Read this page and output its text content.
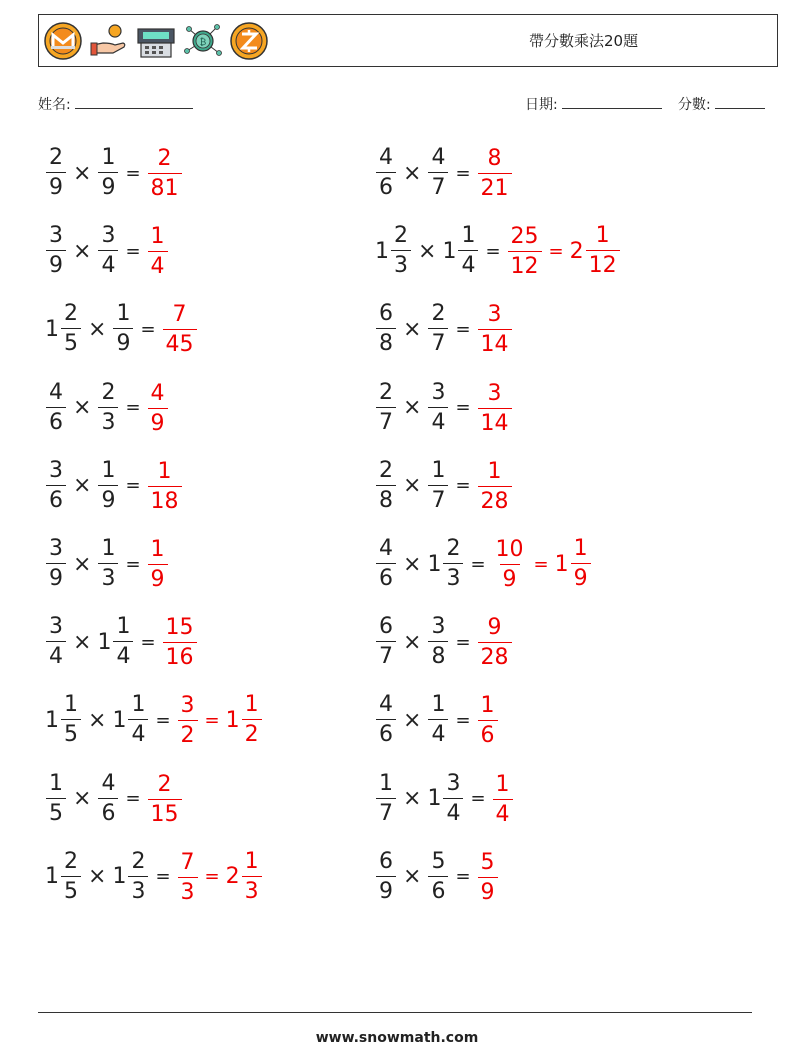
₿	帶分數乘法20題
姓名:	日期:	分數:
$\frac{2}{9} \times \frac{1}{9} = \frac{2}{81}$	$\frac{4}{6} \times \frac{4}{7} = \frac{8}{21}$
$\frac{3}{9} \times \frac{3}{4} = \frac{1}{4}$	$1 \frac{2}{3} \times 1 \frac{1}{4} = \frac{25}{12} = 2 \frac{1}{12}$
$1 \frac{2}{5} \times \frac{1}{9} = \frac{7}{45}$	$\frac{6}{8} \times \frac{2}{7} = \frac{3}{14}$
$\frac{4}{6} \times \frac{2}{3} = \frac{4}{9}$	$\frac{2}{7} \times \frac{3}{4} = \frac{3}{14}$
$\frac{3}{6} \times \frac{1}{9} = \frac{1}{18}$	$\frac{2}{8} \times \frac{1}{7} = \frac{1}{28}$
$\frac{3}{9} \times \frac{1}{3} = \frac{1}{9}$	$\frac{4}{6} \times 1 \frac{2}{3} = \frac{10}{9} = 1 \frac{1}{9}$
$\frac{3}{4} \times 1 \frac{1}{4} = \frac{15}{16}$	$\frac{6}{7} \times \frac{3}{8} = \frac{9}{28}$
$1 \frac{1}{5} \times 1 \frac{1}{4} = \frac{3}{2} = 1 \frac{1}{2}$	$\frac{4}{6} \times \frac{1}{4} = \frac{1}{6}$
$\frac{1}{5} \times \frac{4}{6} = \frac{2}{15}$	$\frac{1}{7} \times 1 \frac{3}{4} = \frac{1}{4}$
$1 \frac{2}{5} \times 1 \frac{2}{3} = \frac{7}{3} = 2 \frac{1}{3}$	$\frac{6}{9} \times \frac{5}{6} = \frac{5}{9}$
www.snowmath.com
